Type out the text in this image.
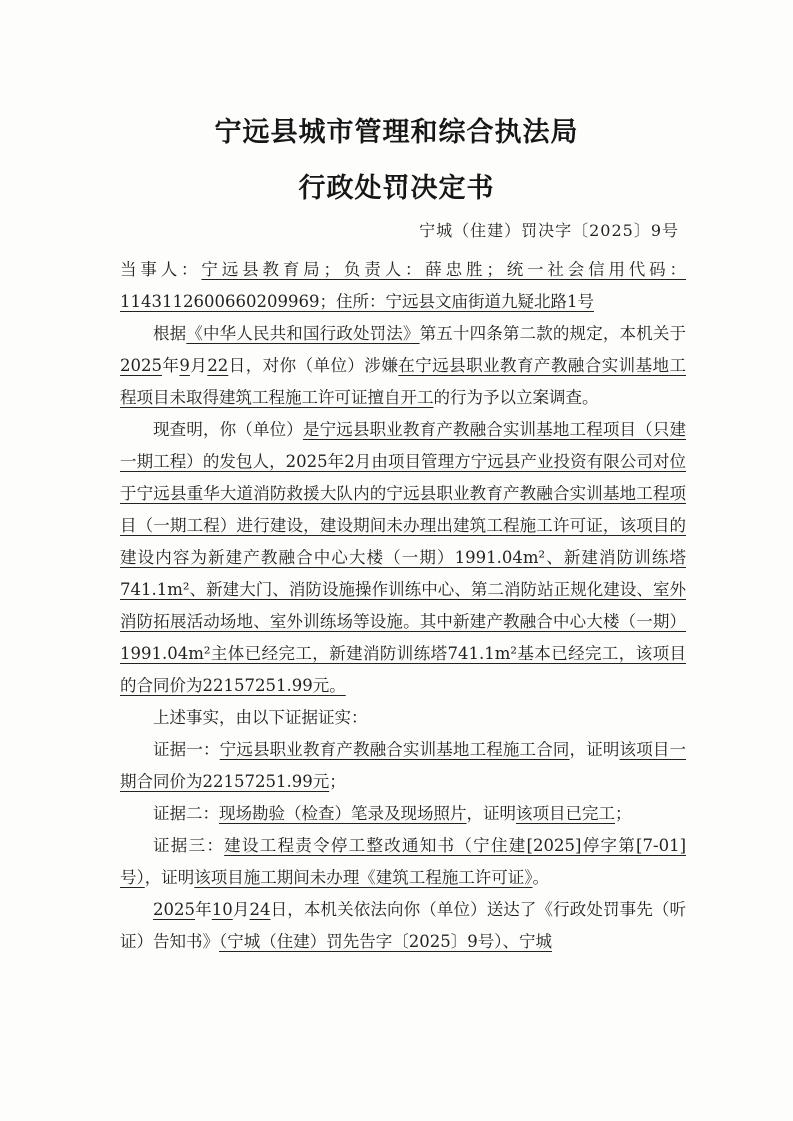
宁远县城市管理和综合执法局
行政处罚决定书
宁城（住建）罚决字〔2025〕9号

当事人：宁远县教育局；负责人：薛忠胜；统一社会信用代码：114311260066020996​9；住所：宁远县文庙街道九疑北路1号

根据《中华人民共和国行政处罚法》第五十四条第二款的规定，本机关于2025年9月22日，对你（单位）涉嫌在宁远县职业教育产教融合实训基地工程项目未取得建筑工程施工许可证擅自开工的行为予以立案调查。

现查明，你（单位）是宁远县职业教育产教融合实训基地工程项目（只建一期工程）的发包人，2025年2月由项目管理方宁远县产业投资有限公司对位于宁远县重华大道消防救援大队内的宁远县职业教育产教融合实训基地工程项目（一期工程）进行建设，建设期间未办理出建筑工程施工许可证，该项目的建设内容为新建产教融合中心大楼（一期）1991.04m²、新建消防训练塔741.1m²、新建大门、消防设施操作训练中心、第二消防站正规化建设、室外消防拓展活动场地、室外训练场等设施。其中新建产教融合中心大楼（一期）1991.04m²主体已经完工，新建消防训练塔741.1m²基本已经完工，该项目的合同价为22157251.99元。

上述事实，由以下证据证实：

证据一：宁远县职业教育产教融合实训基地工程施工合同，证明该项目一期合同价为22157251.99元；

证据二：现场勘验（检查）笔录及现场照片，证明该项目已完工；

证据三：建设工程责令停工整改通知书（宁住建[2025]停字第[7-01]号），证明该项目施工期间未办理《建筑工程施工许可证》。

2025年10月24日，本机关依法向你（单位）送达了《行政处罚事先（听证）告知书》（宁城（住建）罚先告字〔2025〕9号）、宁城
